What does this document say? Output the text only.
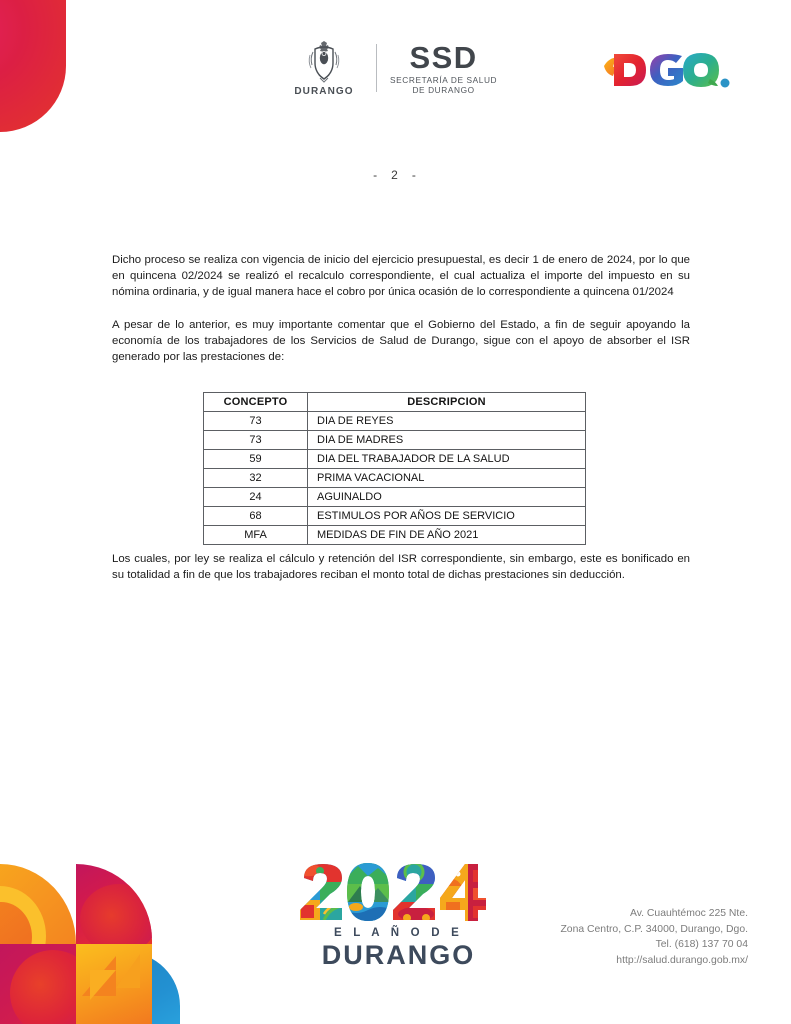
DURANGO
SSD
SECRETARÍA DE SALUD
DE DURANGO
- 2 -

Dicho proceso se realiza con vigencia de inicio del ejercicio presupuestal, es decir 1 de enero de 2024, por lo que en quincena 02/2024 se realizó el recalculo correspondiente, el cual actualiza el importe del impuesto en su nómina ordinaria, y de igual manera hace el cobro por única ocasión de lo correspondiente a quincena 01/2024

A pesar de lo anterior, es muy importante comentar que el Gobierno del Estado, a fin de seguir apoyando la economía de los trabajadores de los Servicios de Salud de Durango, sigue con el apoyo de absorber el ISR generado por las prestaciones de:

CONCEPTO	DESCRIPCION
73	DIA DE REYES
73	DIA DE MADRES
59	DIA DEL TRABAJADOR DE LA SALUD
32	PRIMA VACACIONAL
24	AGUINALDO
68	ESTIMULOS POR AÑOS DE SERVICIO
MFA	MEDIDAS DE FIN DE AÑO 2021

Los cuales, por ley se realiza el cálculo y retención del ISR correspondiente, sin embargo, este es bonificado en su totalidad a fin de que los trabajadores reciban el monto total de dichas prestaciones sin deducción.

E L A Ñ O D E
DURANGO
Av. Cuauhtémoc 225 Nte.
Zona Centro, C.P. 34000, Durango, Dgo.
Tel. (618) 137 70 04
http://salud.durango.gob.mx/
